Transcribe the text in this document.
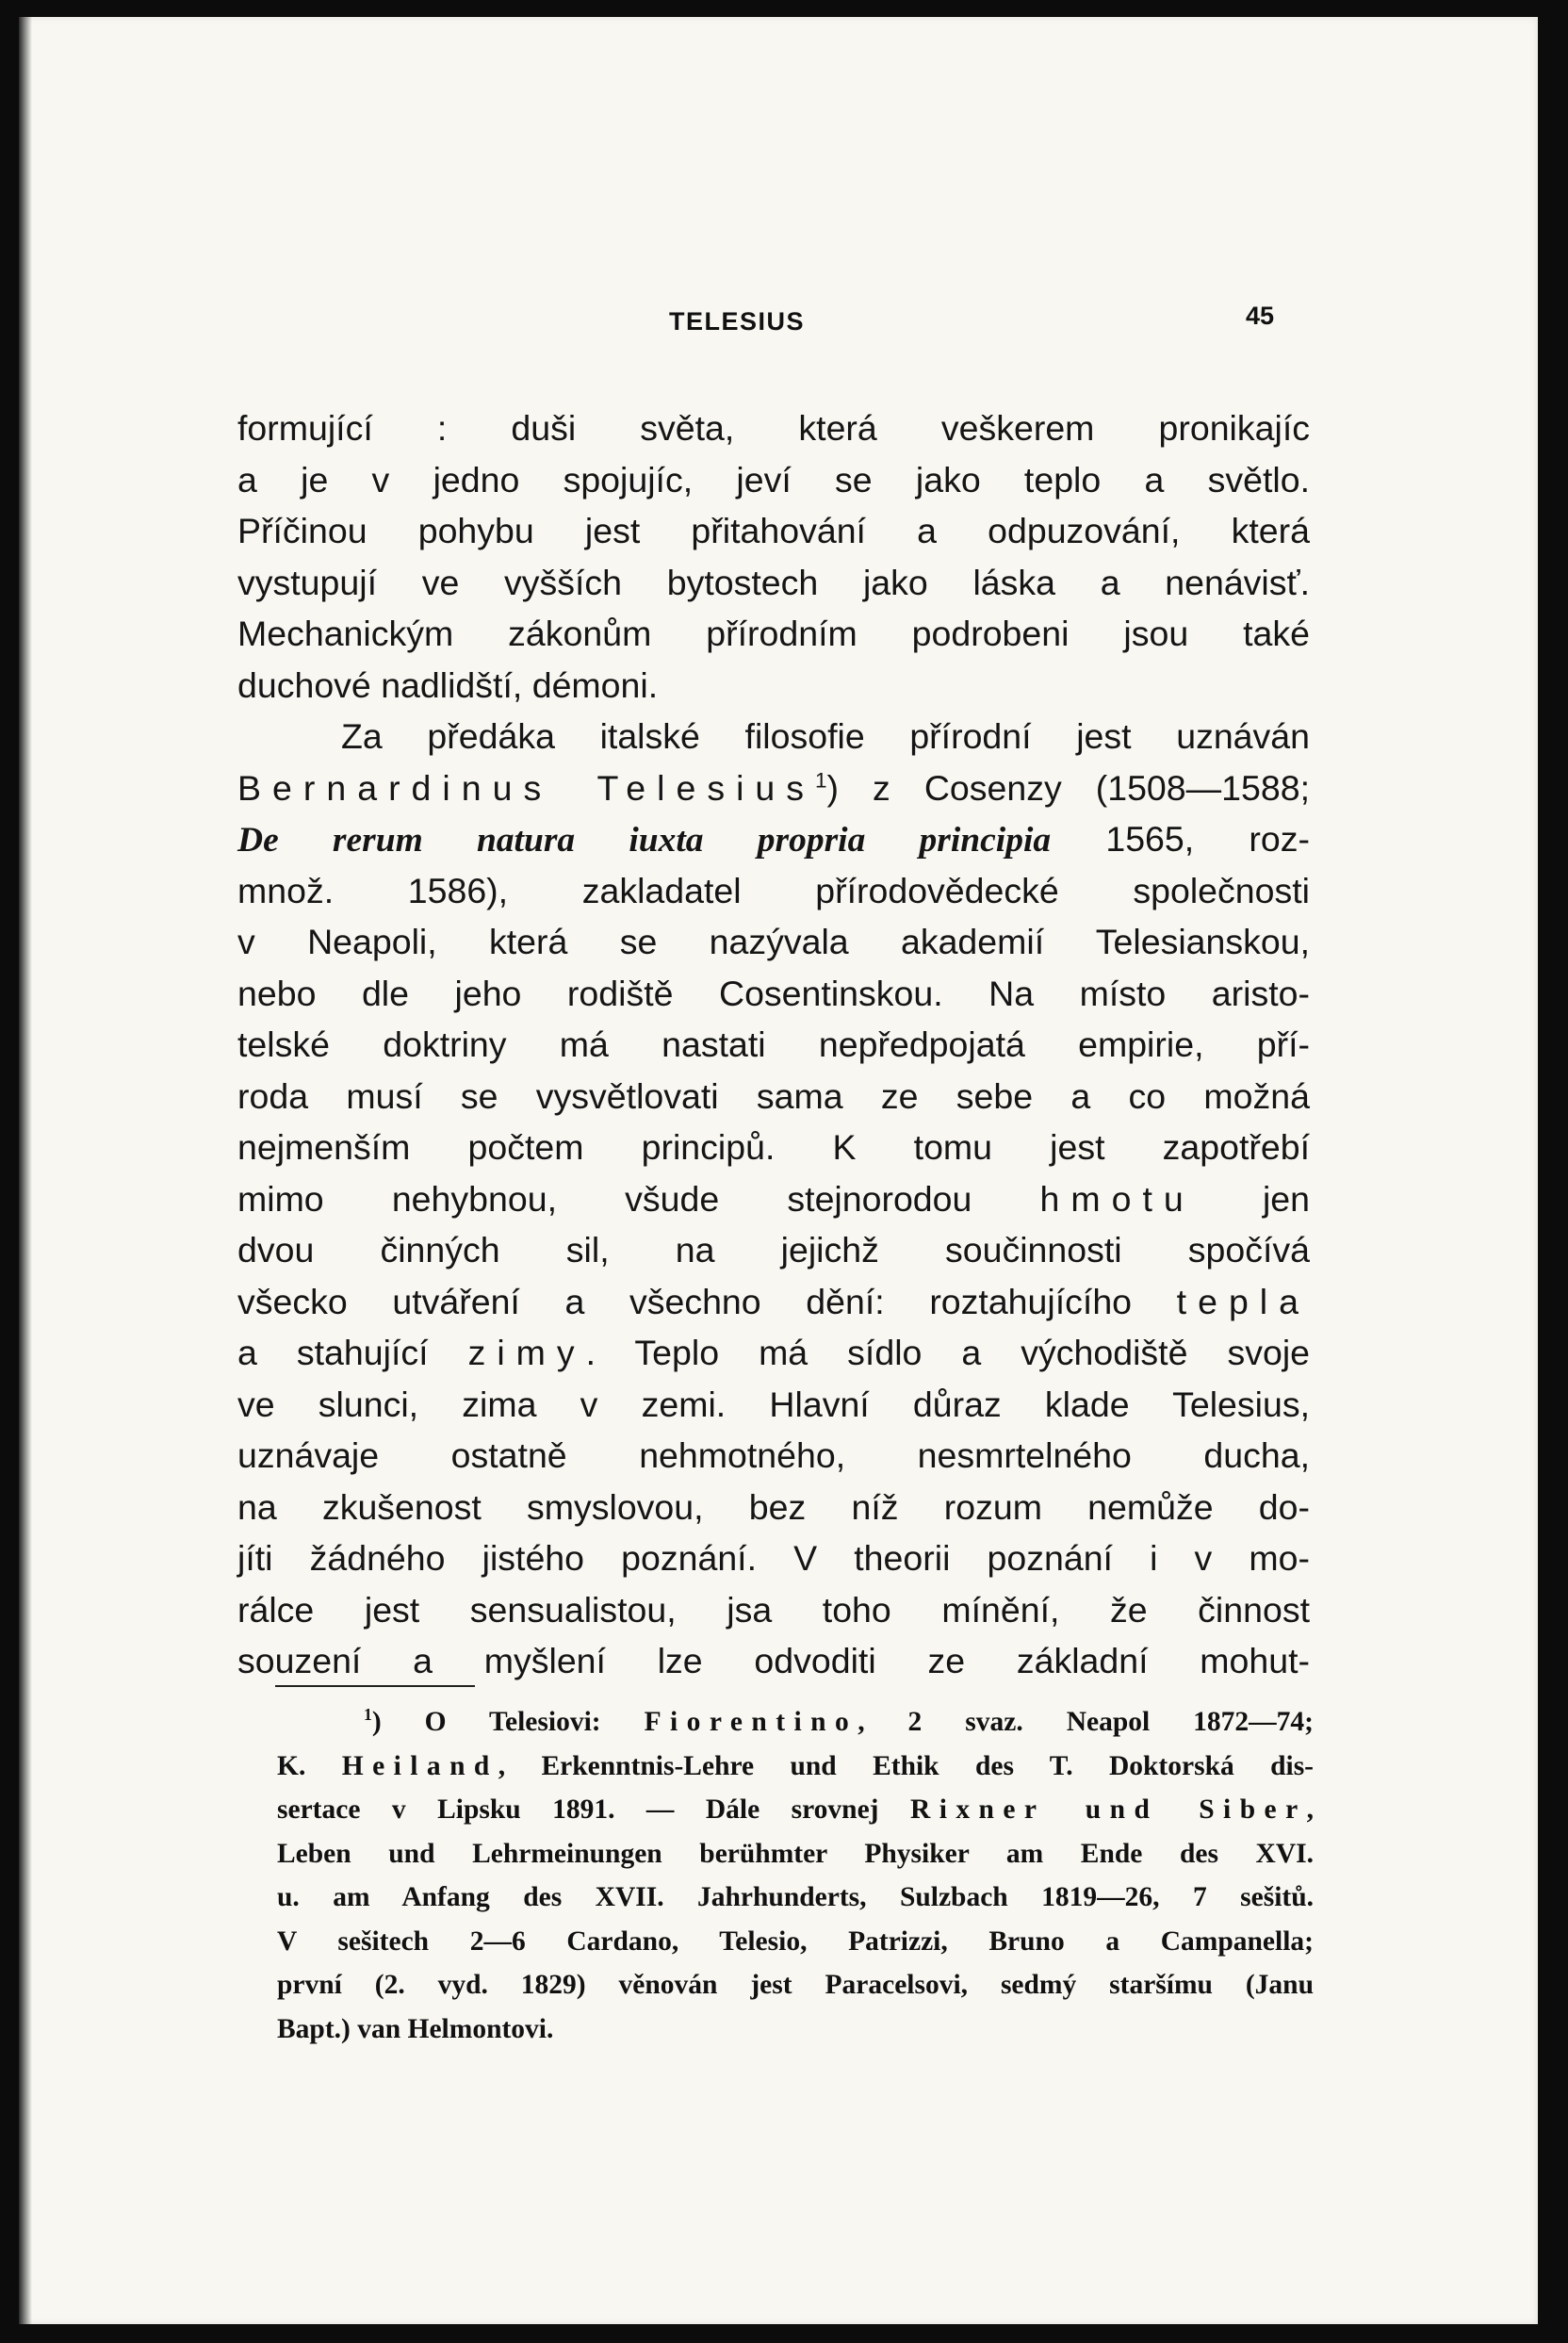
TELESIUS	45
formující : duši světa, která veškerem pronikajíc
a je v jedno spojujíc, jeví se jako teplo a světlo.
Příčinou pohybu jest přitahování a odpuzování, která
vystupují ve vyšších bytostech jako láska a nenávisť.
Mechanickým zákonům přírodním podrobeni jsou také
duchové nadlidští, démoni.
Za předáka italské filosofie přírodní jest uznáván
Bernardinus Telesius$^1$) z Cosenzy (1508—1588;
De rerum natura iuxta propria principia 1565, roz-
množ. 1586), zakladatel přírodovědecké společnosti
v Neapoli, která se nazývala akademií Telesianskou,
nebo dle jeho rodiště Cosentinskou. Na místo aristo-
telské doktriny má nastati nepředpojatá empirie, pří-
roda musí se vysvětlovati sama ze sebe a co možná
nejmenším počtem principů. K tomu jest zapotřebí
mimo nehybnou, všude stejnorodou hmotu jen
dvou činných sil, na jejichž součinnosti spočívá
všecko utváření a všechno dění: roztahujícího tepla
a stahující zimy. Teplo má sídlo a východiště svoje
ve slunci, zima v zemi. Hlavní důraz klade Telesius,
uznávaje ostatně nehmotného, nesmrtelného ducha,
na zkušenost smyslovou, bez níž rozum nemůže do-
jíti žádného jistého poznání. V theorii poznání i v mo-
rálce jest sensualistou, jsa toho mínění, že činnost
souzení a myšlení lze odvoditi ze základní mohut-
$^1$) O Telesiovi: Fiorentino, 2 svaz. Neapol 1872—74;
K. Heiland, Erkenntnis-Lehre und Ethik des T. Doktorská dis-
sertace v Lipsku 1891. — Dále srovnej Rixner und Siber,
Leben und Lehrmeinungen berühmter Physiker am Ende des XVI.
u. am Anfang des XVII. Jahrhunderts, Sulzbach 1819—26, 7 sešitů.
V sešitech 2—6 Cardano, Telesio, Patrizzi, Bruno a Campanella;
první (2. vyd. 1829) věnován jest Paracelsovi, sedmý staršímu (Janu
Bapt.) van Helmontovi.
